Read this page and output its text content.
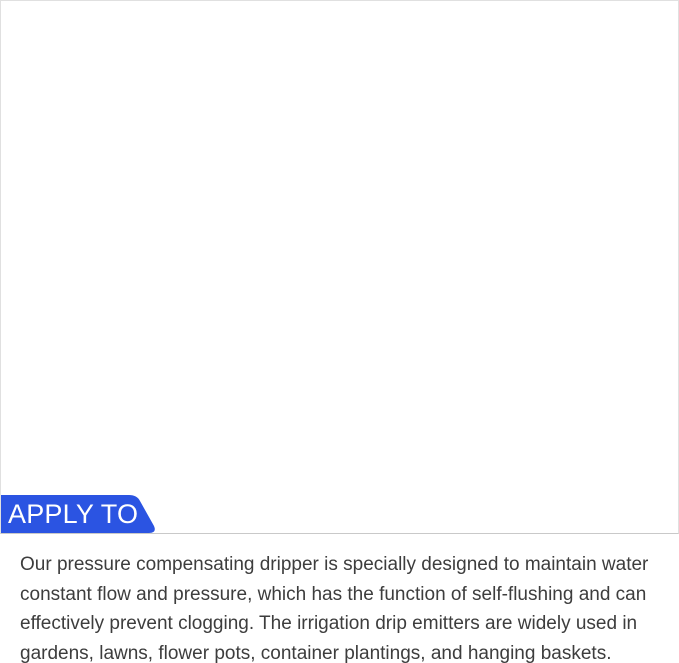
APPLY TO
Our pressure compensating dripper is specially designed to maintain water
constant flow and pressure, which has the function of self-flushing and can
effectively prevent clogging. The irrigation drip emitters are widely used in
gardens, lawns, flower pots, container plantings, and hanging baskets.
